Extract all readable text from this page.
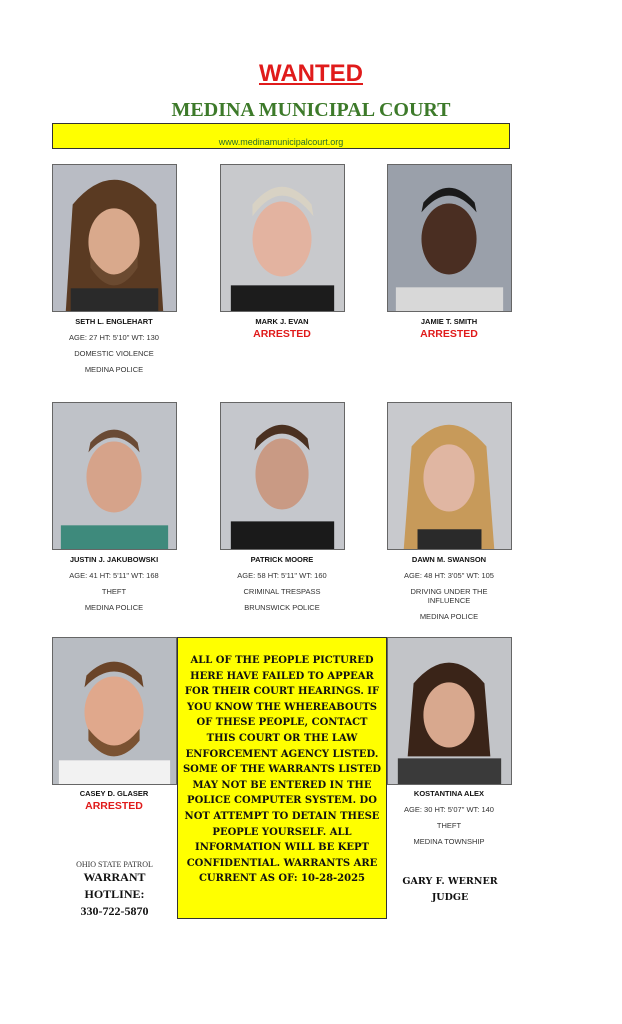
WANTED
MEDINA MUNICIPAL COURT
www.medinamunicipalcourt.org
SETH L. ENGLEHART
AGE: 27 HT: 5'10" WT: 130
DOMESTIC VIOLENCE
MEDINA POLICE
MARK J. EVAN
ARRESTED
JAMIE T. SMITH
ARRESTED
JUSTIN J. JAKUBOWSKI
AGE: 41 HT: 5'11" WT: 168
THEFT
MEDINA POLICE
PATRICK MOORE
AGE: 58 HT: 5'11" WT: 160
CRIMINAL TRESPASS
BRUNSWICK POLICE
DAWN M. SWANSON
AGE: 48 HT: 3'05" WT: 105
DRIVING UNDER THE INFLUENCE
MEDINA POLICE
CASEY D. GLASER
ARRESTED
KOSTANTINA ALEX
AGE: 30 HT: 5'07" WT: 140
THEFT
MEDINA TOWNSHIP
ALL OF THE PEOPLE PICTURED HERE HAVE FAILED TO APPEAR FOR THEIR COURT HEARINGS. IF YOU KNOW THE WHEREABOUTS OF THESE PEOPLE, CONTACT THIS COURT OR THE LAW ENFORCEMENT AGENCY LISTED. SOME OF THE WARRANTS LISTED MAY NOT BE ENTERED IN THE POLICE COMPUTER SYSTEM. DO NOT ATTEMPT TO DETAIN THESE PEOPLE YOURSELF. ALL INFORMATION WILL BE KEPT CONFIDENTIAL. WARRANTS ARE CURRENT AS OF: 10-28-2025
OHIO STATE PATROL
WARRANT
HOTLINE:
330-722-5870
GARY F. WERNER
JUDGE
